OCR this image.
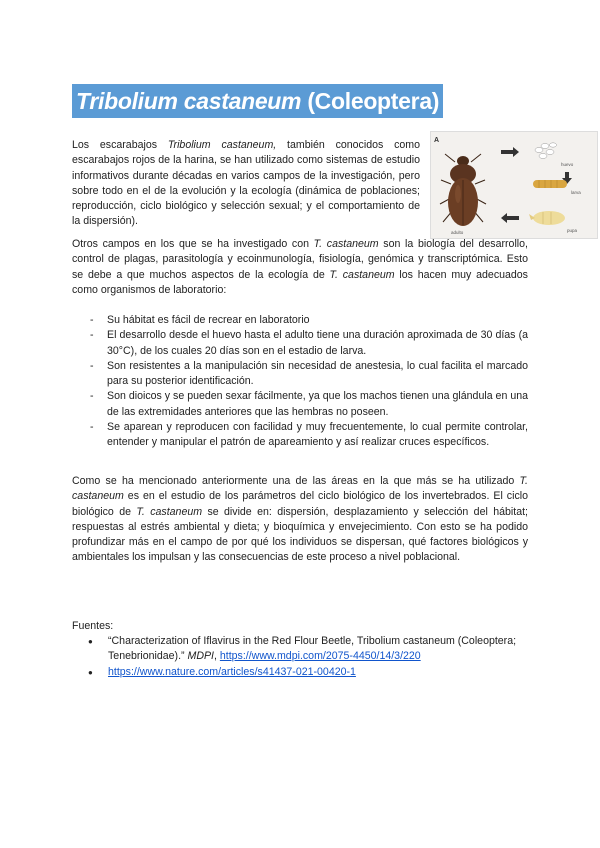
Tribolium castaneum (Coleoptera)
Los escarabajos Tribolium castaneum, también conocidos como escarabajos rojos de la harina, se han utilizado como sistemas de estudio informativos durante décadas en varios campos de la investigación, pero sobre todo en el de la evolución y la ecología (dinámica de poblaciones; reproducción, ciclo biológico y selección sexual; y el comportamiento de la dispersión).
A
huevo
larva
pupa
adulto
Otros campos en los que se ha investigado con T. castaneum son la biología del desarrollo, control de plagas, parasitología y ecoinmunología, fisiología, genómica y transcriptómica. Esto se debe a que muchos aspectos de la ecología de T. castaneum los hacen muy adecuados como organismos de laboratorio:
- Su hábitat es fácil de recrear en laboratorio
- El desarrollo desde el huevo hasta el adulto tiene una duración aproximada de 30 días (a 30°C), de los cuales 20 días son en el estadio de larva.
- Son resistentes a la manipulación sin necesidad de anestesia, lo cual facilita el marcado para su posterior identificación.
- Son dioicos y se pueden sexar fácilmente, ya que los machos tienen una glándula en una de las extremidades anteriores que las hembras no poseen.
- Se aparean y reproducen con facilidad y muy frecuentemente, lo cual permite controlar, entender y manipular el patrón de apareamiento y así realizar cruces específicos.
Como se ha mencionado anteriormente una de las áreas en la que más se ha utilizado T. castaneum es en el estudio de los parámetros del ciclo biológico de los invertebrados. El ciclo biológico de T. castaneum se divide en: dispersión, desplazamiento y selección del hábitat; respuestas al estrés ambiental y dieta; y bioquímica y envejecimiento. Con esto se ha podido profundizar más en el campo de por qué los individuos se dispersan, qué factores biológicos y ambientales los impulsan y las consecuencias de este proceso a nivel poblacional.
Fuentes:
● “Characterization of Iflavirus in the Red Flour Beetle, Tribolium castaneum (Coleoptera; Tenebrionidae).” MDPI, https://www.mdpi.com/2075-4450/14/3/220
● https://www.nature.com/articles/s41437-021-00420-1
